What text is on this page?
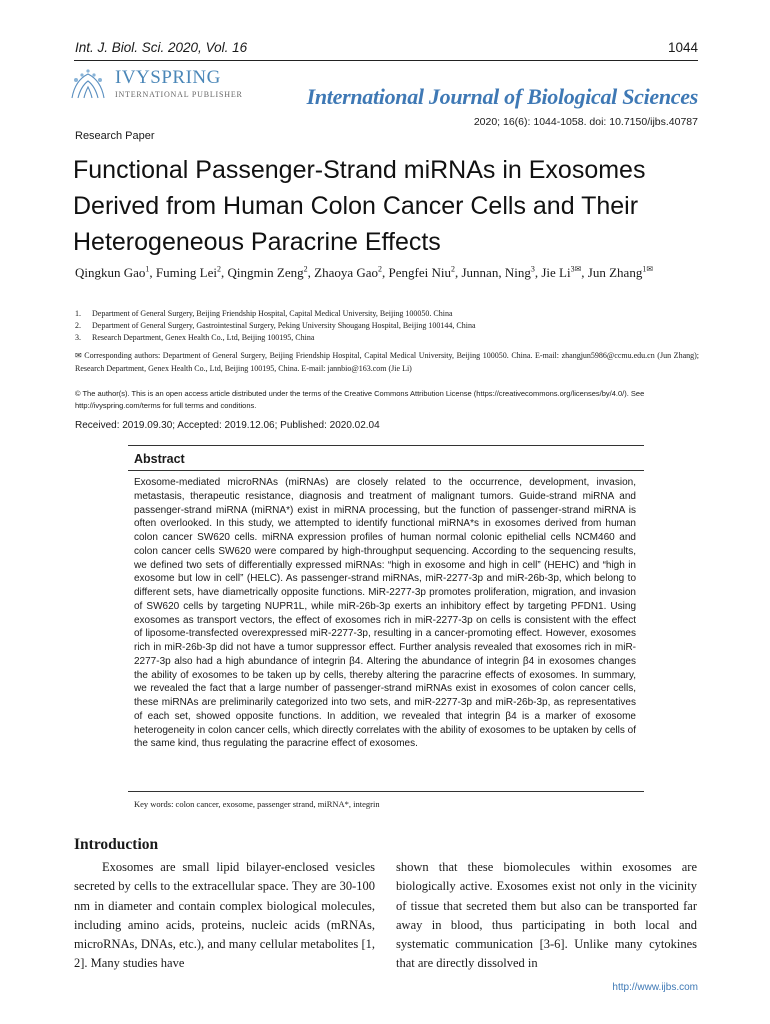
Int. J. Biol. Sci. 2020, Vol. 16	1044
IVYSPRING
INTERNATIONAL PUBLISHER	International Journal of Biological Sciences
2020; 16(6): 1044-1058. doi: 10.7150/ijbs.40787
Research Paper
Functional Passenger-Strand miRNAs in Exosomes Derived from Human Colon Cancer Cells and Their Heterogeneous Paracrine Effects
Qingkun Gao$^1$, Fuming Lei$^2$, Qingmin Zeng$^2$, Zhaoya Gao$^2$, Pengfei Niu$^2$, Junnan, Ning$^3$, Jie $Li^{3✉}$, Jun Zhang$^{1✉}$
1.	Department of General Surgery, Beijing Friendship Hospital, Capital Medical University, Beijing 100050. China
2.	Department of General Surgery, Gastrointestinal Surgery, Peking University Shougang Hospital, Beijing 100144, China
3.	Research Department, Genex Health Co., Ltd, Beijing 100195, China
✉ Corresponding authors: Department of General Surgery, Beijing Friendship Hospital, Capital Medical University, Beijing 100050. China. E-mail: zhangjun5986@ccmu.edu.cn (Jun Zhang); Research Department, Genex Health Co., Ltd, Beijing 100195, China. E-mail: jannbio@163.com (Jie Li)
© The author(s). This is an open access article distributed under the terms of the Creative Commons Attribution License (https://creativecommons.org/licenses/by/4.0/). See http://ivyspring.com/terms for full terms and conditions.
Received: 2019.09.30; Accepted: 2019.12.06; Published: 2020.02.04
Abstract
Exosome-mediated microRNAs (miRNAs) are closely related to the occurrence, development, invasion, metastasis, therapeutic resistance, diagnosis and treatment of malignant tumors. Guide-strand miRNA and passenger-strand miRNA (miRNA*) exist in miRNA processing, but the function of passenger-strand miRNA is often overlooked. In this study, we attempted to identify functional miRNA*s in exosomes derived from human colon cancer SW620 cells. miRNA expression profiles of human normal colonic epithelial cells NCM460 and colon cancer cells SW620 were compared by high-throughput sequencing. According to the sequencing results, we defined two sets of differentially expressed miRNAs: “high in exosome and high in cell” (HEHC) and “high in exosome but low in cell” (HELC). As passenger-strand miRNAs, miR-2277-3p and miR-26b-3p, which belong to different sets, have diametrically opposite functions. MiR-2277-3p promotes proliferation, migration, and invasion of SW620 cells by targeting NUPR1L, while miR-26b-3p exerts an inhibitory effect by targeting PFDN1. Using exosomes as transport vectors, the effect of exosomes rich in miR-2277-3p on cells is consistent with the effect of liposome-transfected overexpressed miR-2277-3p, resulting in a cancer-promoting effect. However, exosomes rich in miR-26b-3p did not have a tumor suppressor effect. Further analysis revealed that exosomes rich in miR-2277-3p also had a high abundance of integrin β4. Altering the abundance of integrin β4 in exosomes changes the ability of exosomes to be taken up by cells, thereby altering the paracrine effects of exosomes. In summary, we revealed the fact that a large number of passenger-strand miRNAs exist in exosomes of colon cancer cells, these miRNAs are preliminarily categorized into two sets, and miR-2277-3p and miR-26b-3p, as representatives of each set, showed opposite functions. In addition, we revealed that integrin β4 is a marker of exosome heterogeneity in colon cancer cells, which directly correlates with the ability of exosomes to be uptaken by cells of the same kind, thus regulating the paracrine effect of exosomes.
Key words: colon cancer, exosome, passenger strand, miRNA*, integrin
Introduction
Exosomes are small lipid bilayer-enclosed vesicles secreted by cells to the extracellular space. They are 30-100 nm in diameter and contain complex biological molecules, including amino acids, proteins, nucleic acids (mRNAs, microRNAs, DNAs, etc.), and many cellular metabolites [1, 2]. Many studies have
shown that these biomolecules within exosomes are biologically active. Exosomes exist not only in the vicinity of tissue that secreted them but also can be transported far away in blood, thus participating in both local and systematic communication [3-6]. Unlike many cytokines that are directly dissolved in
http://www.ijbs.com
